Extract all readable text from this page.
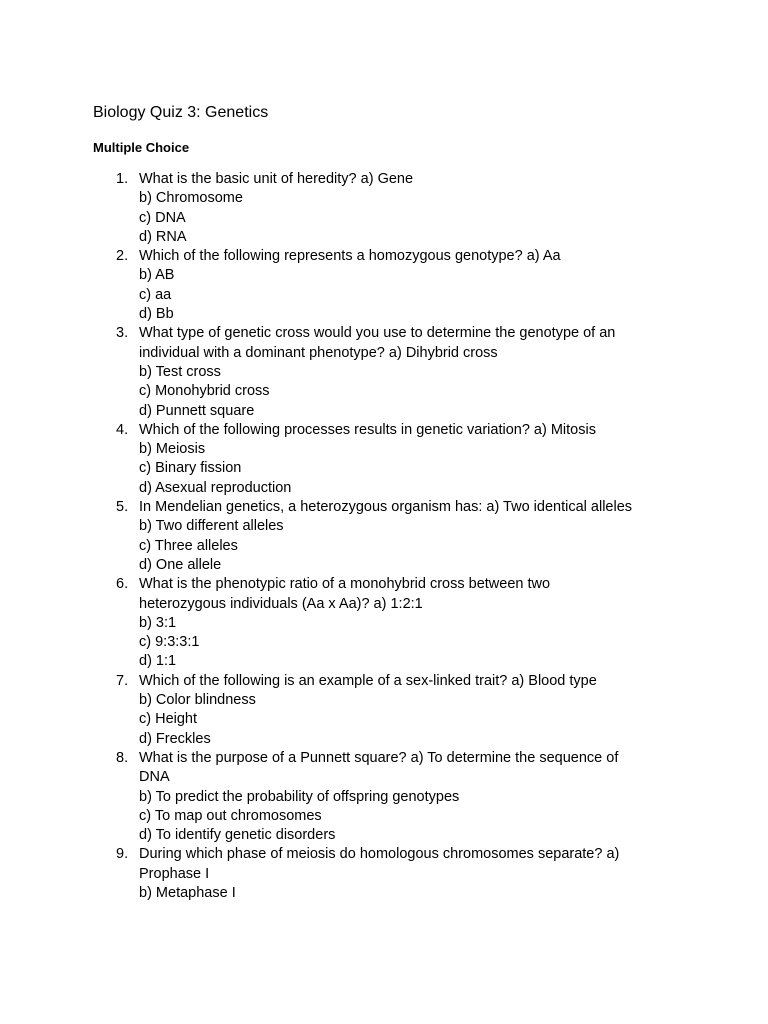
Biology Quiz 3: Genetics
Multiple Choice
1. What is the basic unit of heredity? a) Gene
b) Chromosome
c) DNA
d) RNA
2. Which of the following represents a homozygous genotype? a) Aa
b) AB
c) aa
d) Bb
3. What type of genetic cross would you use to determine the genotype of an
individual with a dominant phenotype? a) Dihybrid cross
b) Test cross
c) Monohybrid cross
d) Punnett square
4. Which of the following processes results in genetic variation? a) Mitosis
b) Meiosis
c) Binary fission
d) Asexual reproduction
5. In Mendelian genetics, a heterozygous organism has: a) Two identical alleles
b) Two different alleles
c) Three alleles
d) One allele
6. What is the phenotypic ratio of a monohybrid cross between two
heterozygous individuals (Aa x Aa)? a) 1:2:1
b) 3:1
c) 9:3:3:1
d) 1:1
7. Which of the following is an example of a sex-linked trait? a) Blood type
b) Color blindness
c) Height
d) Freckles
8. What is the purpose of a Punnett square? a) To determine the sequence of
DNA
b) To predict the probability of offspring genotypes
c) To map out chromosomes
d) To identify genetic disorders
9. During which phase of meiosis do homologous chromosomes separate? a)
Prophase I
b) Metaphase I
